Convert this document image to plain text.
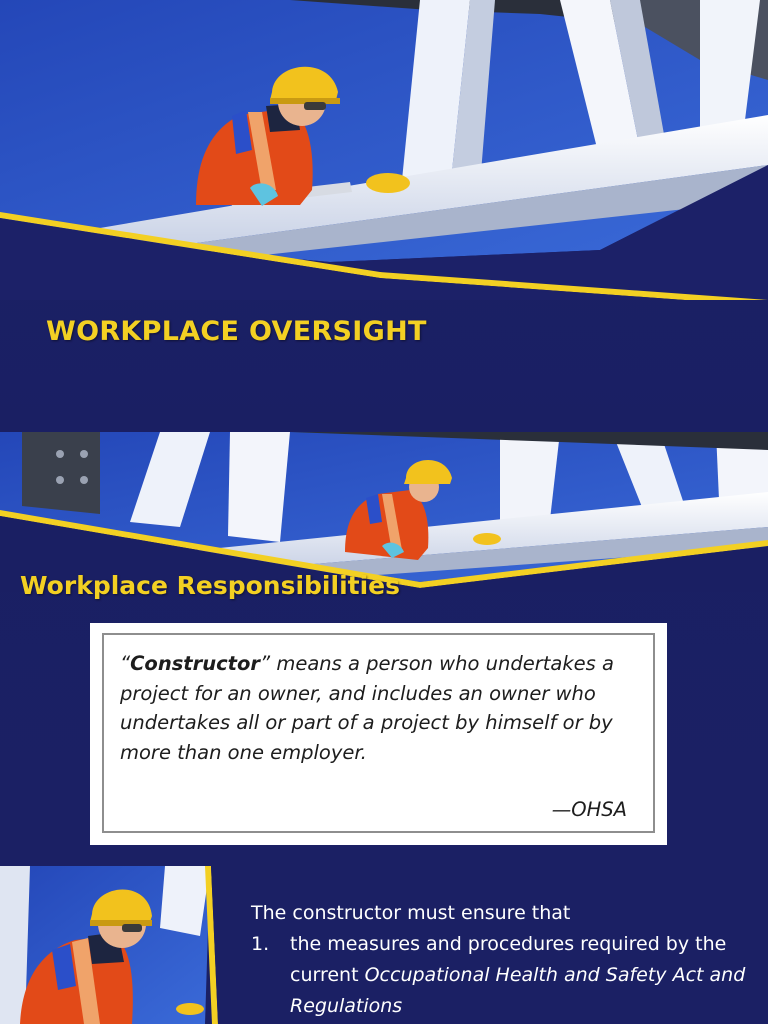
WORKPLACE OVERSIGHT
Workplace Responsibilities

“Constructor” means a person who undertakes a project for an owner, and includes an owner who undertakes all or part of a project by himself or by more than one employer.

—OHSA

The constructor must ensure that

1. the measures and procedures required by the current Occupational Health and Safety Act and Regulations
